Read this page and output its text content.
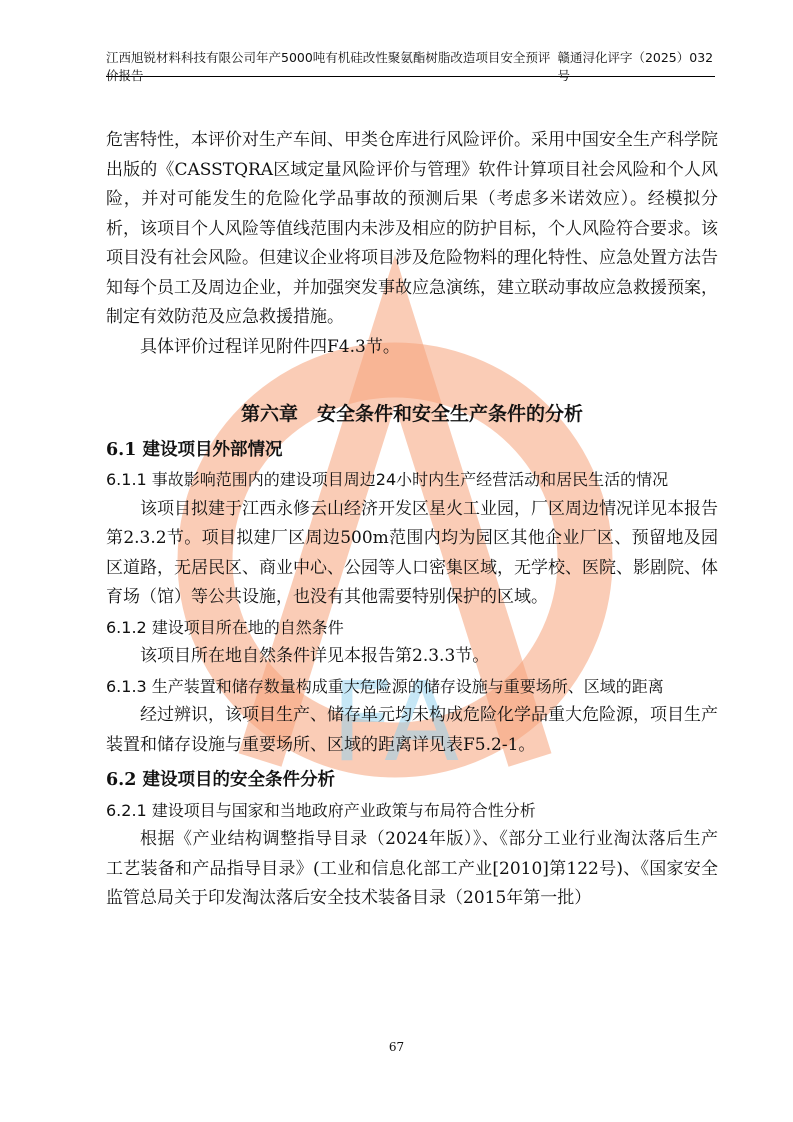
FA
江西旭锐材料科技有限公司年产5000吨有机硅改性聚氨酯树脂改造项目安全预评价报告
赣通浔化评字（2025）032号

危害特性，本评价对生产车间、甲类仓库进行风险评价。采用中国安全生产科学院出版的《CASSTQRA区域定量风险评价与管理》软件计算项目社会风险和个人风险，并对可能发生的危险化学品事故的预测后果（考虑多米诺效应）。经模拟分析，该项目个人风险等值线范围内未涉及相应的防护目标，个人风险符合要求。该项目没有社会风险。但建议企业将项目涉及危险物料的理化特性、应急处置方法告知每个员工及周边企业，并加强突发事故应急演练，建立联动事故应急救援预案，制定有效防范及应急救援措施。

具体评价过程详见附件四F4.3节。

第六章　安全条件和安全生产条件的分析

6.1 建设项目外部情况

6.1.1 事故影响范围内的建设项目周边24小时内生产经营活动和居民生活的情况

该项目拟建于江西永修云山经济开发区星火工业园，厂区周边情况详见本报告第2.3.2节。项目拟建厂区周边500m范围内均为园区其他企业厂区、预留地及园区道路，无居民区、商业中心、公园等人口密集区域，无学校、医院、影剧院、体育场（馆）等公共设施，也没有其他需要特别保护的区域。

6.1.2 建设项目所在地的自然条件

该项目所在地自然条件详见本报告第2.3.3节。

6.1.3 生产装置和储存数量构成重大危险源的储存设施与重要场所、区域的距离

经过辨识，该项目生产、储存单元均未构成危险化学品重大危险源，项目生产装置和储存设施与重要场所、区域的距离详见表F5.2-1。

6.2 建设项目的安全条件分析

6.2.1 建设项目与国家和当地政府产业政策与布局符合性分析

根据《产业结构调整指导目录（2024年版）》、《部分工业行业淘汰落后生产工艺装备和产品指导目录》(工业和信息化部工产业[2010]第122号)、《国家安全监管总局关于印发淘汰落后安全技术装备目录（2015年第一批）

67
